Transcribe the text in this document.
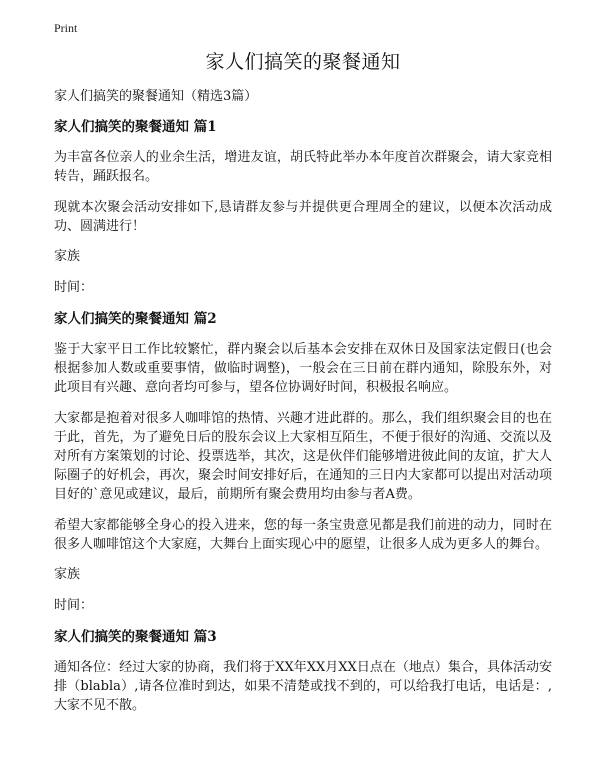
Print
家人们搞笑的聚餐通知

家人们搞笑的聚餐通知（精选3篇）

家人们搞笑的聚餐通知 篇1

为丰富各位亲人的业余生活，增进友谊，胡氏特此举办本年度首次群聚会，请大家竞相转告，踊跃报名。

现就本次聚会活动安排如下,恳请群友参与并提供更合理周全的建议，以便本次活动成功、圆满进行！

家族

时间：

家人们搞笑的聚餐通知 篇2

鉴于大家平日工作比较繁忙，群内聚会以后基本会安排在双休日及国家法定假日(也会根据参加人数或重要事情，做临时调整)，一般会在三日前在群内通知，除股东外，对此项目有兴趣、意向者均可参与，望各位协调好时间，积极报名响应。

大家都是抱着对很多人咖啡馆的热情、兴趣才进此群的。那么，我们组织聚会目的也在于此，首先，为了避免日后的股东会议上大家相互陌生，不便于很好的沟通、交流以及对所有方案策划的讨论、投票选举，其次，这是伙伴们能够增进彼此间的友谊，扩大人际圈子的好机会，再次，聚会时间安排好后，在通知的三日内大家都可以提出对活动项目好的`意见或建议，最后，前期所有聚会费用均由参与者A费。

希望大家都能够全身心的投入进来，您的每一条宝贵意见都是我们前进的动力，同时在很多人咖啡馆这个大家庭，大舞台上面实现心中的愿望，让很多人成为更多人的舞台。

家族

时间：

家人们搞笑的聚餐通知 篇3

通知各位：经过大家的协商，我们将于XX年XX月XX日点在（地点）集合，具体活动安排（blabla）,请各位准时到达，如果不清楚或找不到的，可以给我打电话，电话是：,大家不见不散。
